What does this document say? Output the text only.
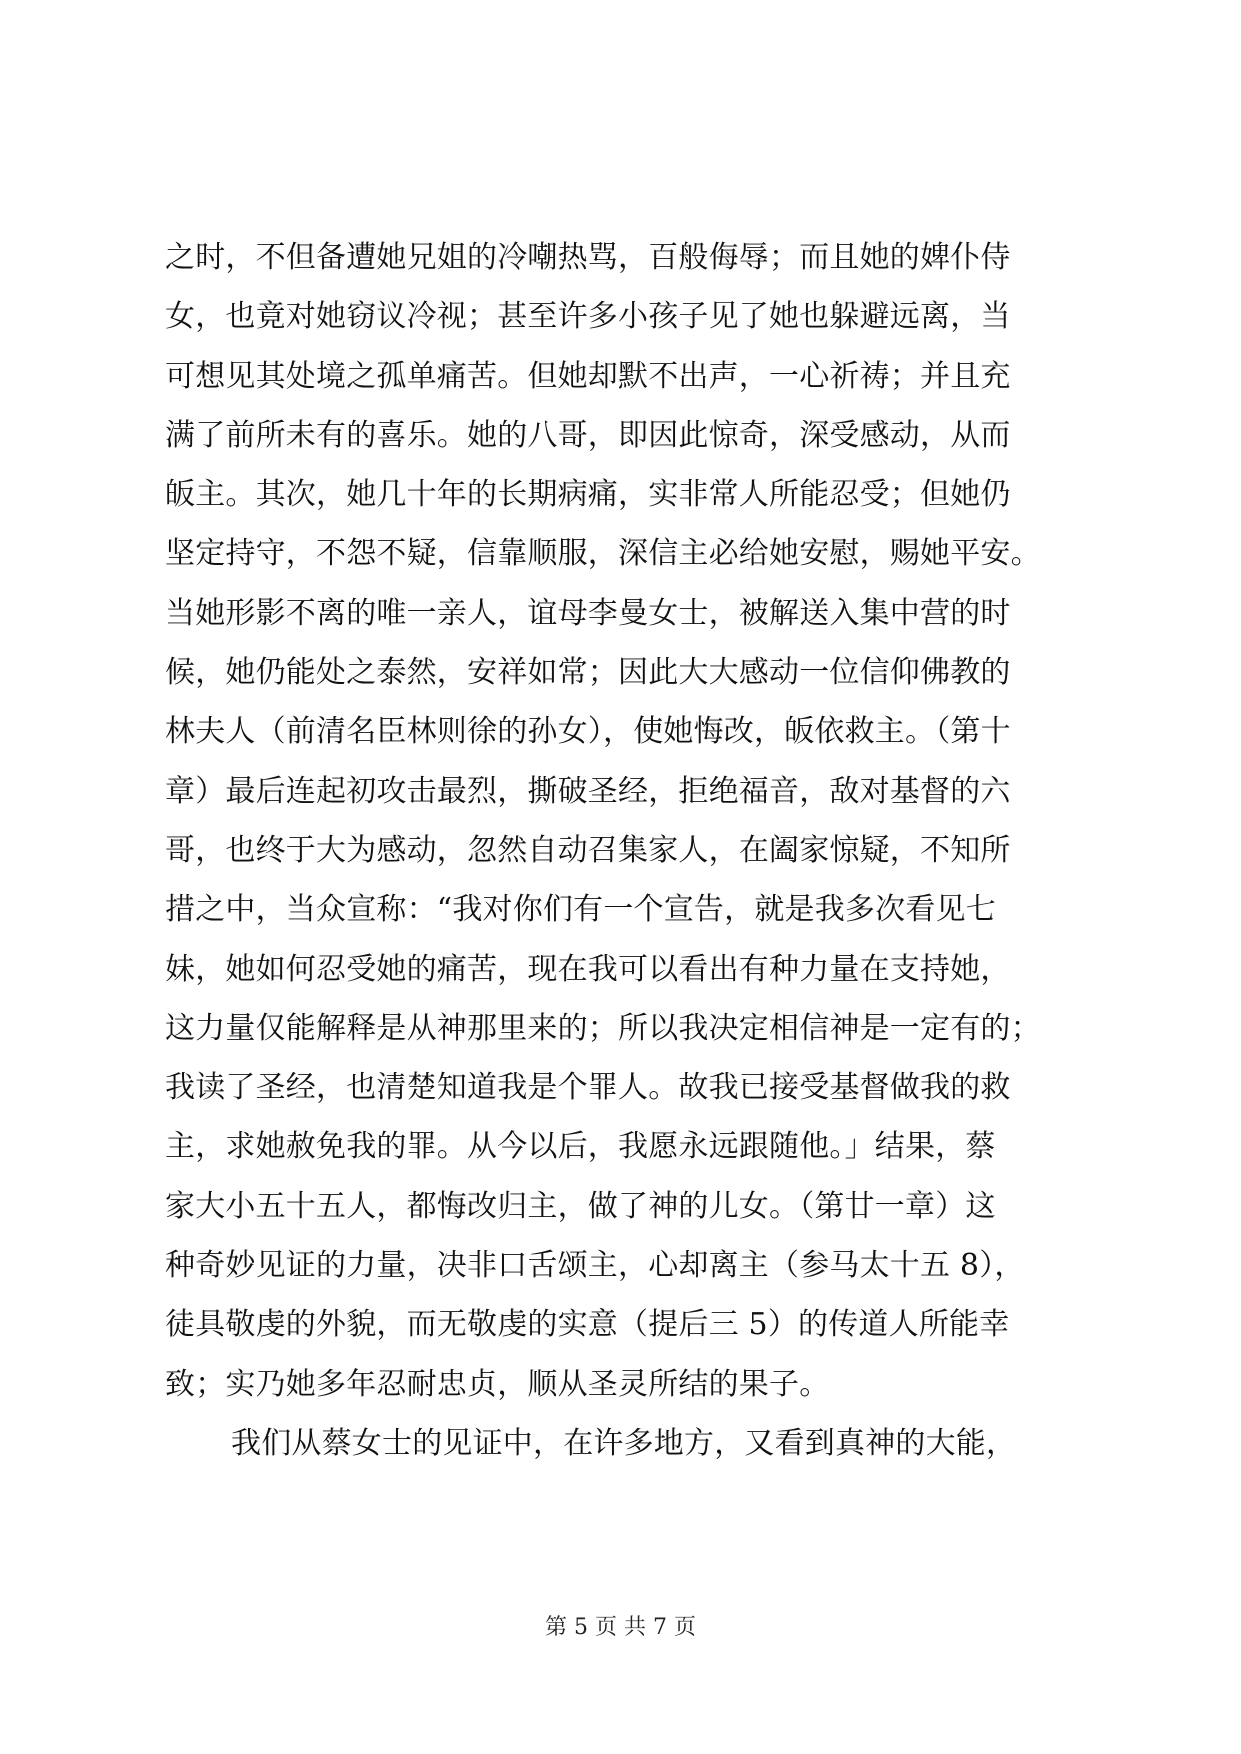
之时，不但备遭她兄姐的冷嘲热骂，百般侮辱；而且她的婢仆侍
女，也竟对她窃议冷视；甚至许多小孩子见了她也躲避远离，当
可想见其处境之孤单痛苦。但她却默不出声，一心祈祷；并且充
满了前所未有的喜乐。她的八哥，即因此惊奇，深受感动，从而
皈主。其次，她几十年的长期病痛，实非常人所能忍受；但她仍
坚定持守，不怨不疑，信靠顺服，深信主必给她安慰，赐她平安。
当她形影不离的唯一亲人，谊母李曼女士，被解送入集中营的时
候，她仍能处之泰然，安祥如常；因此大大感动一位信仰佛教的
林夫人（前清名臣林则徐的孙女），使她悔改，皈依救主。（第十
章）最后连起初攻击最烈，撕破圣经，拒绝福音，敌对基督的六
哥，也终于大为感动，忽然自动召集家人，在阖家惊疑，不知所
措之中，当众宣称：“我对你们有一个宣告，就是我多次看见七
妹，她如何忍受她的痛苦，现在我可以看出有种力量在支持她，
这力量仅能解释是从神那里来的；所以我决定相信神是一定有的；
我读了圣经，也清楚知道我是个罪人。故我已接受基督做我的救
主，求她赦免我的罪。从今以后，我愿永远跟随他。」结果，蔡
家大小五十五人，都悔改归主，做了神的儿女。（第廿一章）这
种奇妙见证的力量，决非口舌颂主，心却离主（参马太十五 8），
徒具敬虔的外貌，而无敬虔的实意（提后三 5）的传道人所能幸
致；实乃她多年忍耐忠贞，顺从圣灵所结的果子。
我们从蔡女士的见证中，在许多地方，又看到真神的大能，
第 5 页 共 7 页
